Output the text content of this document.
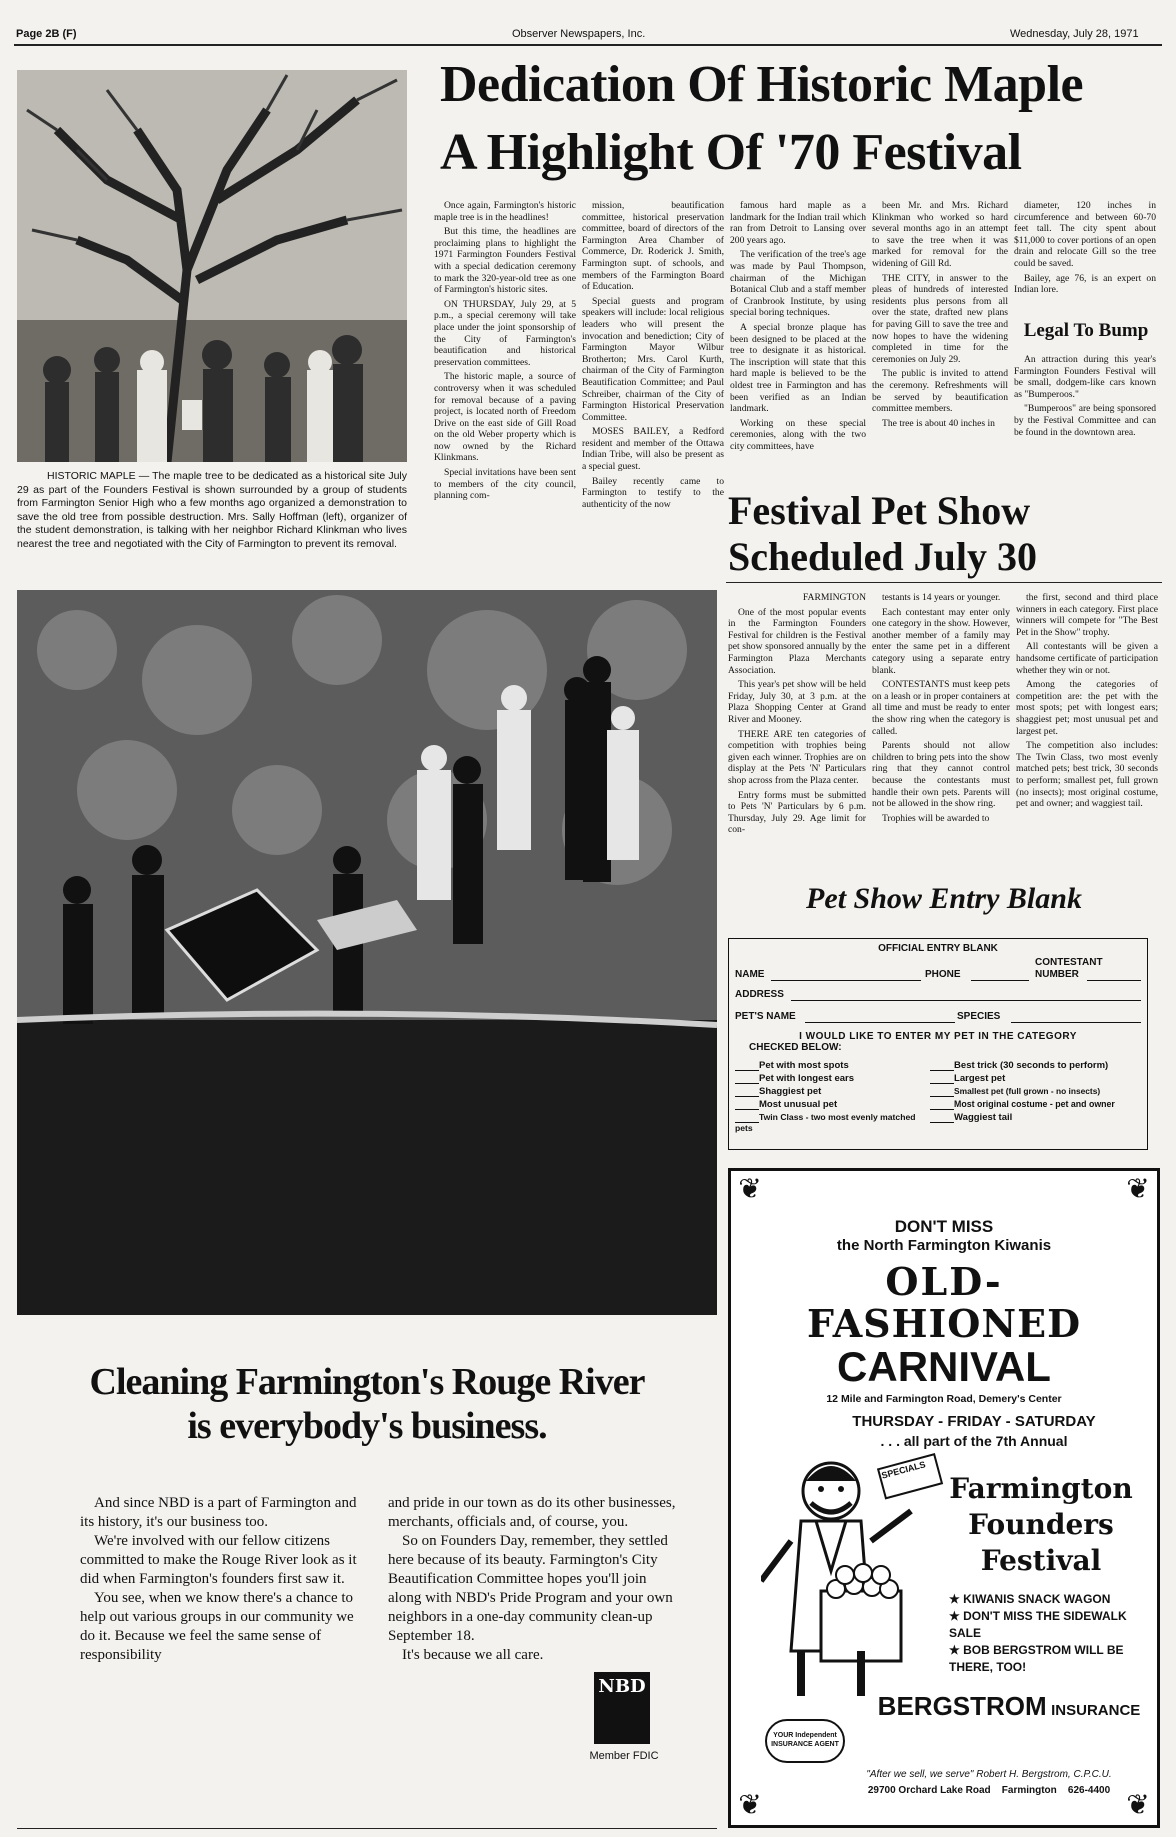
Page 2B (F)	Observer Newspapers, Inc.	Wednesday, July 28, 1971
HISTORIC MAPLE — The maple tree to be dedicated as a historical site July 29 as part of the Founders Festival is shown surrounded by a group of students from Farmington Senior High who a few months ago organized a demonstration to save the old tree from possible destruction. Mrs. Sally Hoffman (left), organizer of the student demonstration, is talking with her neighbor Richard Klinkman who lives nearest the tree and negotiated with the City of Farmington to prevent its removal.
Dedication Of Historic Maple
A Highlight Of '70 Festival

Once again, Farmington's historic maple tree is in the headlines!

But this time, the headlines are proclaiming plans to highlight the 1971 Farmington Founders Festival with a special dedication ceremony to mark the 320-year-old tree as one of Farmington's historic sites.

ON THURSDAY, July 29, at 5 p.m., a special ceremony will take place under the joint sponsorship of the City of Farmington's beautification and historical preservation committees.

The historic maple, a source of controversy when it was scheduled for removal because of a paving project, is located north of Freedom Drive on the east side of Gill Road on the old Weber property which is now owned by the Richard Klinkmans.

Special invitations have been sent to members of the city council, planning com-

mission, beautification committee, historical preservation committee, board of directors of the Farmington Area Chamber of Commerce, Dr. Roderick J. Smith, Farmington supt. of schools, and members of the Farmington Board of Education.

Special guests and program speakers will include: local religious leaders who will present the invocation and benediction; City of Farmington Mayor Wilbur Brotherton; Mrs. Carol Kurth, chairman of the City of Farmington Beautification Committee; and Paul Schreiber, chairman of the City of Farmington Historical Preservation Committee.

MOSES BAILEY, a Redford resident and member of the Ottawa Indian Tribe, will also be present as a special guest.

Bailey recently came to Farmington to testify to the authenticity of the now

famous hard maple as a landmark for the Indian trail which ran from Detroit to Lansing over 200 years ago.

The verification of the tree's age was made by Paul Thompson, chairman of the Michigan Botanical Club and a staff member of Cranbrook Institute, by using special boring techniques.

A special bronze plaque has been designed to be placed at the tree to designate it as historical. The inscription will state that this hard maple is believed to be the oldest tree in Farmington and has been verified as an Indian landmark.

Working on these special ceremonies, along with the two city committees, have

been Mr. and Mrs. Richard Klinkman who worked so hard several months ago in an attempt to save the tree when it was marked for removal for the widening of Gill Rd.

THE CITY, in answer to the pleas of hundreds of interested residents plus persons from all over the state, drafted new plans for paving Gill to save the tree and now hopes to have the widening completed in time for the ceremonies on July 29.

The public is invited to attend the ceremony. Refreshments will be served by beautification committee members.

The tree is about 40 inches in

diameter, 120 inches in circumference and between 60-70 feet tall. The city spent about $11,000 to cover portions of an open drain and relocate Gill so the tree could be saved.

Bailey, age 76, is an expert on Indian lore.

Legal To Bump

An attraction during this year's Farmington Founders Festival will be small, dodgem-like cars known as "Bumperoos."

"Bumperoos" are being sponsored by the Festival Committee and can be found in the downtown area.

Festival Pet Show
Scheduled July 30

FARMINGTON

One of the most popular events in the Farmington Founders Festival for children is the Festival pet show sponsored annually by the Farmington Plaza Merchants Association.

This year's pet show will be held Friday, July 30, at 3 p.m. at the Plaza Shopping Center at Grand River and Mooney.

THERE ARE ten categories of competition with trophies being given each winner. Trophies are on display at the Pets 'N' Particulars shop across from the Plaza center.

Entry forms must be submitted to Pets 'N' Particulars by 6 p.m. Thursday, July 29. Age limit for con-

testants is 14 years or younger.

Each contestant may enter only one category in the show. However, another member of a family may enter the same pet in a different category using a separate entry blank.

CONTESTANTS must keep pets on a leash or in proper containers at all time and must be ready to enter the show ring when the category is called.

Parents should not allow children to bring pets into the show ring that they cannot control because the contestants must handle their own pets. Parents will not be allowed in the show ring.

Trophies will be awarded to

the first, second and third place winners in each category. First place winners will compete for "The Best Pet in the Show" trophy.

All contestants will be given a handsome certificate of participation whether they win or not.

Among the categories of competition are: the pet with the most spots; pet with longest ears; shaggiest pet; most unusual pet and largest pet.

The competition also includes: The Twin Class, two most evenly matched pets; best trick, 30 seconds to perform; smallest pet, full grown (no insects); most original costume, pet and owner; and waggiest tail.

Pet Show Entry Blank
OFFICIAL ENTRY BLANK
NAME	PHONE
CONTESTANT
NUMBER
ADDRESS
PET'S NAME	SPECIES
I WOULD LIKE TO ENTER MY PET IN THE CATEGORY
CHECKED BELOW:
Pet with most spots
Pet with longest ears
Shaggiest pet
Most unusual pet
Twin Class - two most evenly matched pets
Best trick (30 seconds to perform)
Largest pet
Smallest pet (full grown - no insects)
Most original costume - pet and owner
Waggiest tail
❦	❦
❦	❦
DON'T MISS
the North Farmington Kiwanis
OLD-
FASHIONED
CARNIVAL
12 Mile and Farmington Road, Demery's Center
THURSDAY - FRIDAY - SATURDAY
. . . all part of the 7th Annual
SPECIALS
Farmington
Founders
Festival
★ KIWANIS SNACK WAGON
★ DON'T MISS THE SIDEWALK SALE
★ BOB BERGSTROM WILL BE THERE, TOO!
BERGSTROM INSURANCE
YOUR Independent INSURANCE AGENT
"After we sell, we serve" Robert H. Bergstrom, C.P.C.U.
29700 Orchard Lake Road    Farmington    626-4400
Cleaning Farmington's Rouge River
is everybody's business.
And since NBD is a part of Farmington and its history, it's our business too.
We're involved with our fellow citizens committed to make the Rouge River look as it did when Farmington's founders first saw it.
You see, when we know there's a chance to help out various groups in our community we do it. Because we feel the same sense of responsibility
and pride in our town as do its other businesses, merchants, officials and, of course, you.
So on Founders Day, remember, they settled here because of its beauty. Farmington's City Beautification Committee hopes you'll join along with NBD's Pride Program and your own neighbors in a one-day community clean-up September 18.
It's because we all care.
NBD
Member FDIC
